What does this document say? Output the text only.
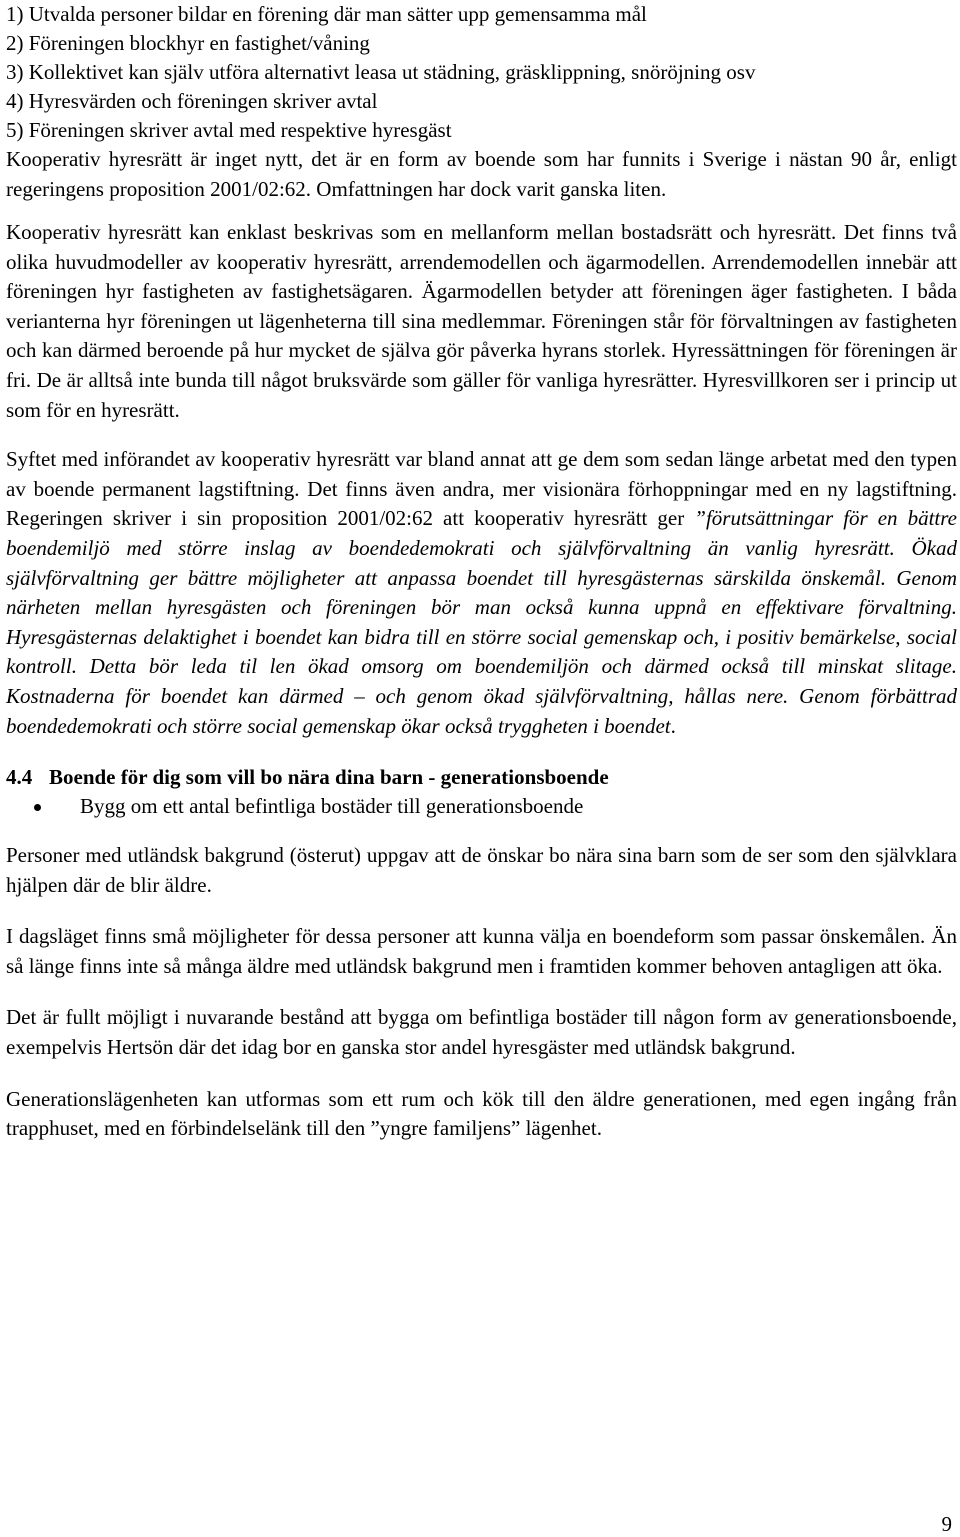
1) Utvalda personer bildar en förening där man sätter upp gemensamma mål
2) Föreningen blockhyr en fastighet/våning
3) Kollektivet kan själv utföra alternativt leasa ut städning, gräsklippning, snöröjning osv
4) Hyresvärden och föreningen skriver avtal
5) Föreningen skriver avtal med respektive hyresgäst

Kooperativ hyresrätt är inget nytt, det är en form av boende som har funnits i Sverige i nästan 90 år, enligt regeringens proposition 2001/02:62. Omfattningen har dock varit ganska liten.

Kooperativ hyresrätt kan enklast beskrivas som en mellanform mellan bostadsrätt och hyresrätt. Det finns två olika huvudmodeller av kooperativ hyresrätt, arrendemodellen och ägarmodellen. Arrendemodellen innebär att föreningen hyr fastigheten av fastighetsägaren. Ägarmodellen betyder att föreningen äger fastigheten. I båda verianterna hyr föreningen ut lägenheterna till sina medlemmar. Föreningen står för förvaltningen av fastigheten och kan därmed beroende på hur mycket de själva gör påverka hyrans storlek. Hyressättningen för föreningen är fri. De är alltså inte bunda till något bruksvärde som gäller för vanliga hyresrätter. Hyresvillkoren ser i princip ut som för en hyresrätt.

Syftet med införandet av kooperativ hyresrätt var bland annat att ge dem som sedan länge arbetat med den typen av boende permanent lagstiftning. Det finns även andra, mer visionära förhoppningar med en ny lagstiftning. Regeringen skriver i sin proposition 2001/02:62 att kooperativ hyresrätt ger ”förutsättningar för en bättre boendemiljö med större inslag av boendedemokrati och självförvaltning än vanlig hyresrätt. Ökad självförvaltning ger bättre möjligheter att anpassa boendet till hyresgästernas särskilda önskemål. Genom närheten mellan hyresgästen och föreningen bör man också kunna uppnå en effektivare förvaltning. Hyresgästernas delaktighet i boendet kan bidra till en större social gemenskap och, i positiv bemärkelse, social kontroll. Detta bör leda til len ökad omsorg om boendemiljön och därmed också till minskat slitage. Kostnaderna för boendet kan därmed – och genom ökad självförvaltning, hållas nere. Genom förbättrad boendedemokrati och större social gemenskap ökar också tryggheten i boendet.

4.4 Boende för dig som vill bo nära dina barn - generationsboende
Bygg om ett antal befintliga bostäder till generationsboende

Personer med utländsk bakgrund (österut) uppgav att de önskar bo nära sina barn som de ser som den självklara hjälpen där de blir äldre.

I dagsläget finns små möjligheter för dessa personer att kunna välja en boendeform som passar önskemålen. Än så länge finns inte så många äldre med utländsk bakgrund men i framtiden kommer behoven antagligen att öka.

Det är fullt möjligt i nuvarande bestånd att bygga om befintliga bostäder till någon form av generationsboende, exempelvis Hertsön där det idag bor en ganska stor andel hyresgäster med utländsk bakgrund.

Generationslägenheten kan utformas som ett rum och kök till den äldre generationen, med egen ingång från trapphuset, med en förbindelselänk till den ”yngre familjens” lägenhet.

9
